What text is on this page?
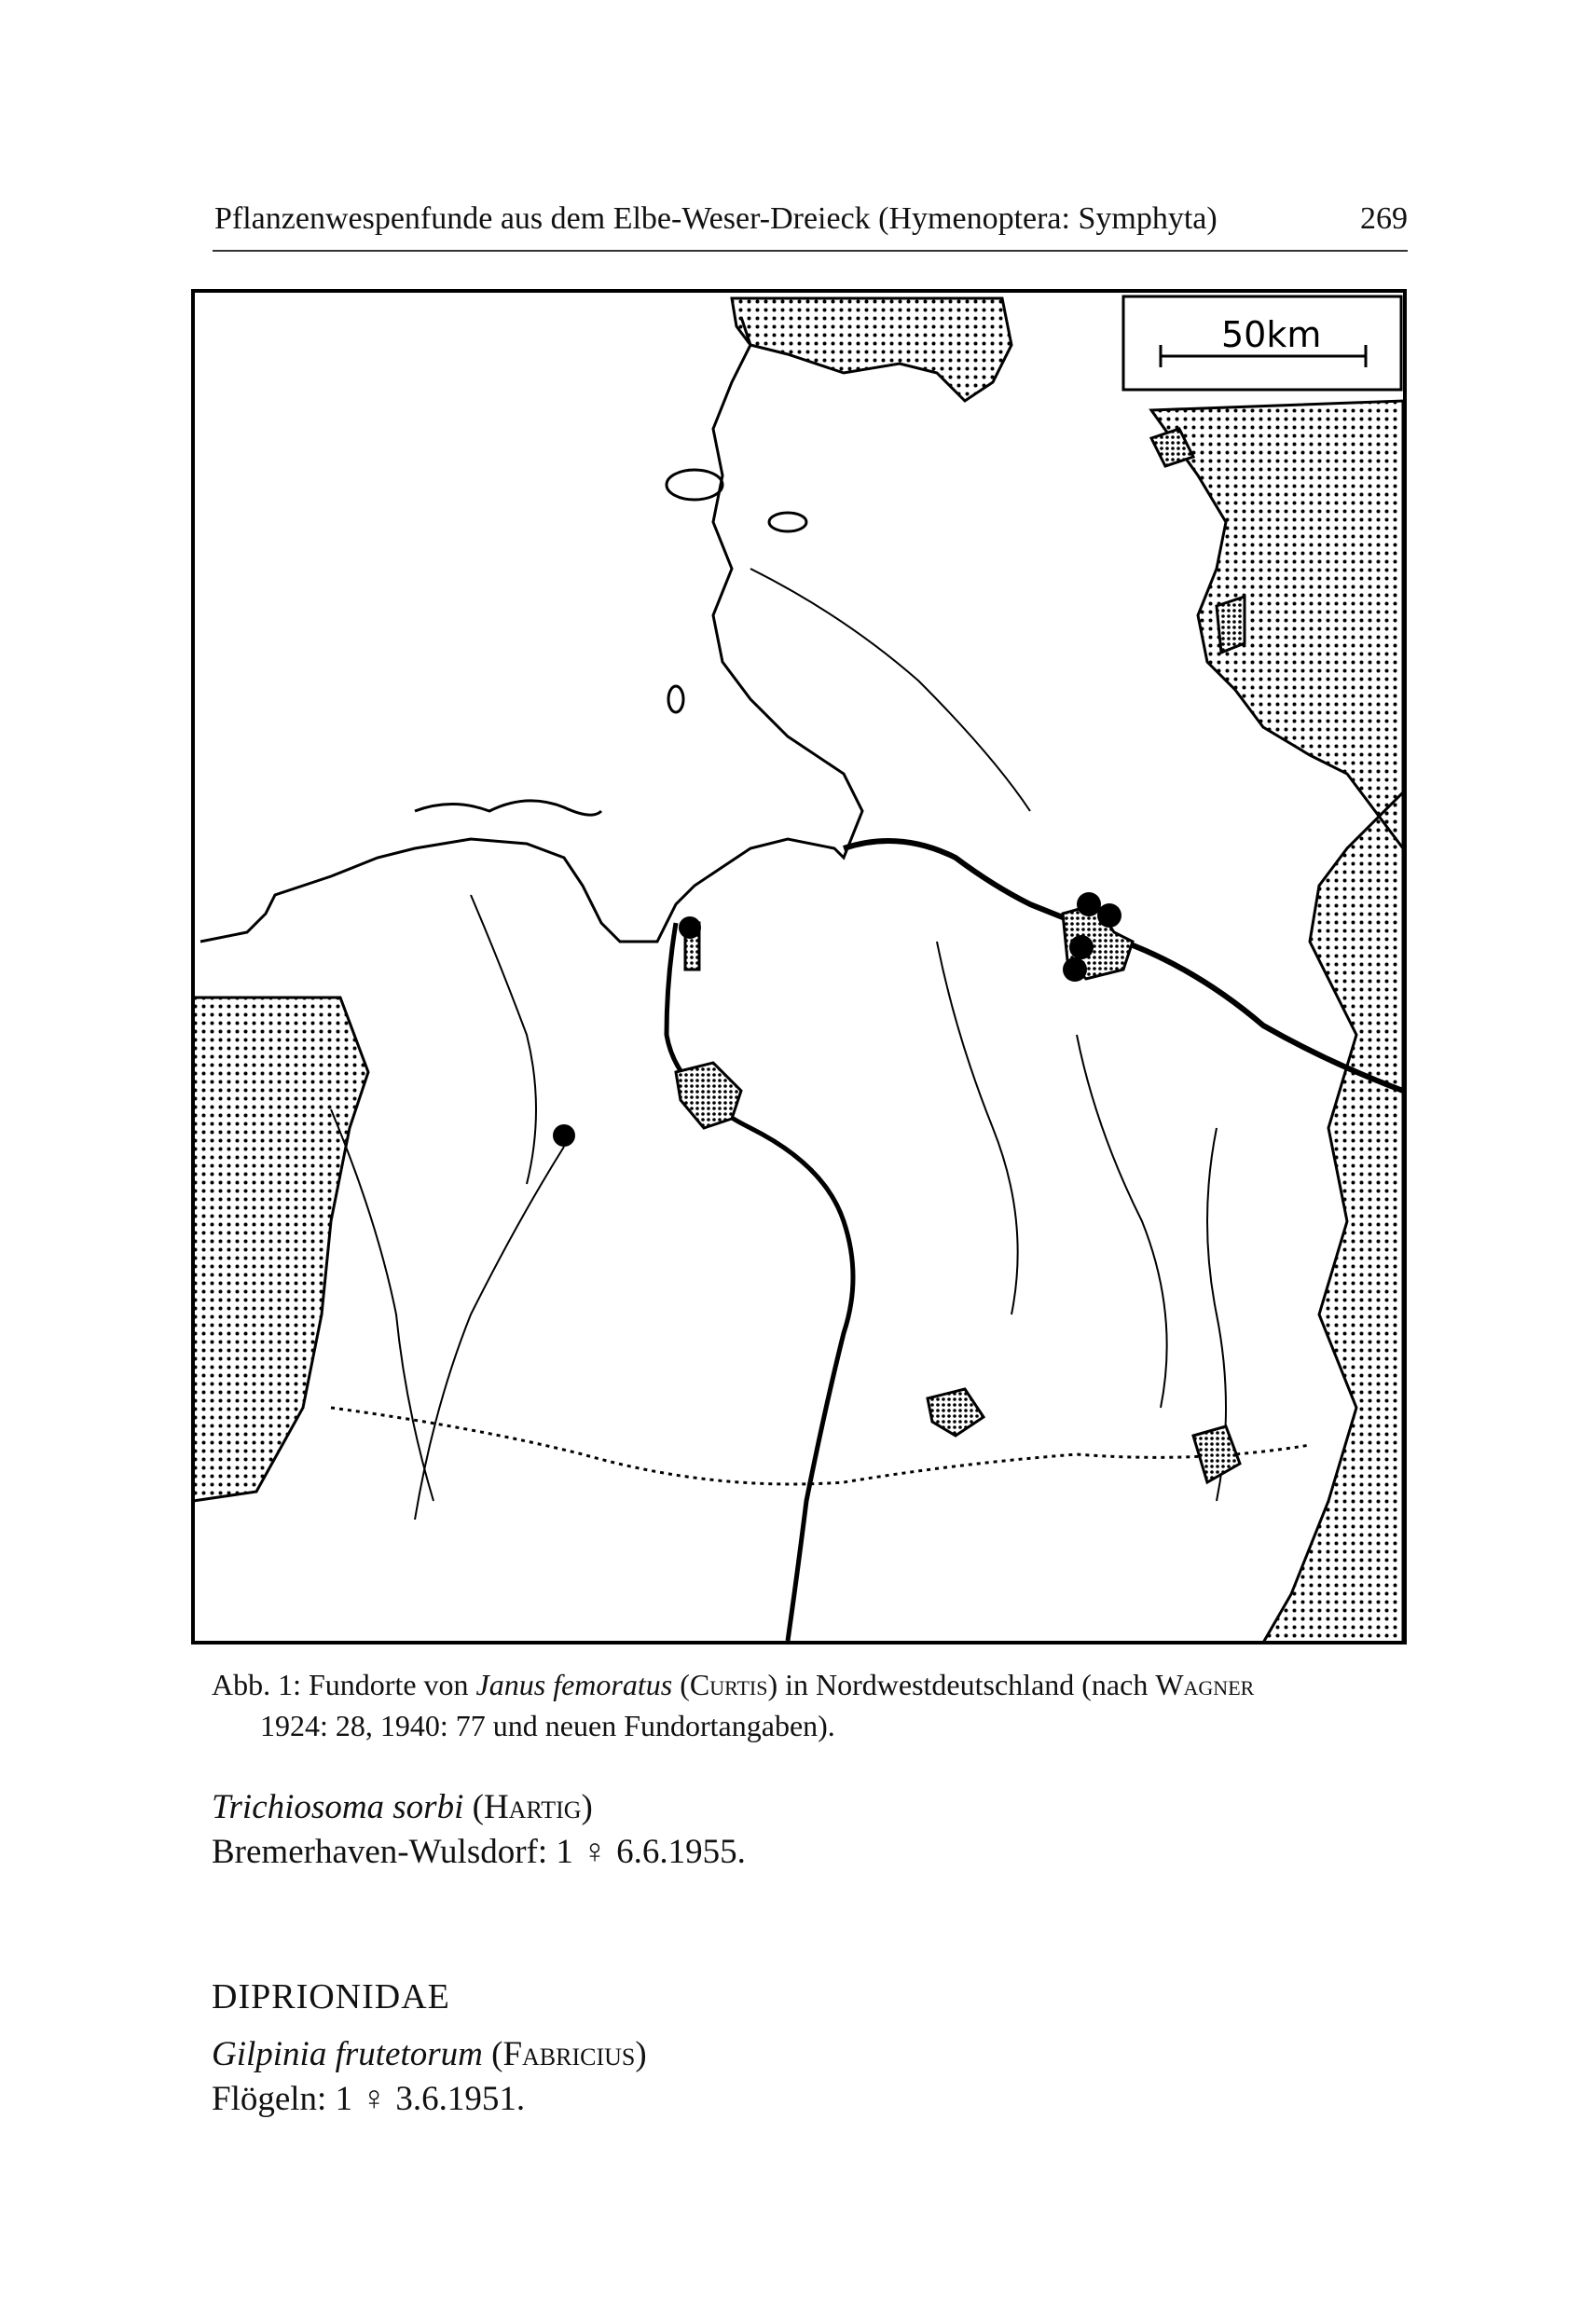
Pflanzenwespenfunde aus dem Elbe-Weser-Dreieck (Hymenoptera: Symphyta)	269
50km
Abb. 1: Fundorte von Janus femoratus (Curtis) in Nordwestdeutschland (nach Wagner
1924: 28, 1940: 77 und neuen Fundortangaben).
Trichiosoma sorbi (Hartig)
Bremerhaven-Wulsdorf: 1 ♀ 6.6.1955.
DIPRIONIDAE
Gilpinia frutetorum (Fabricius)
Flögeln: 1 ♀ 3.6.1951.
